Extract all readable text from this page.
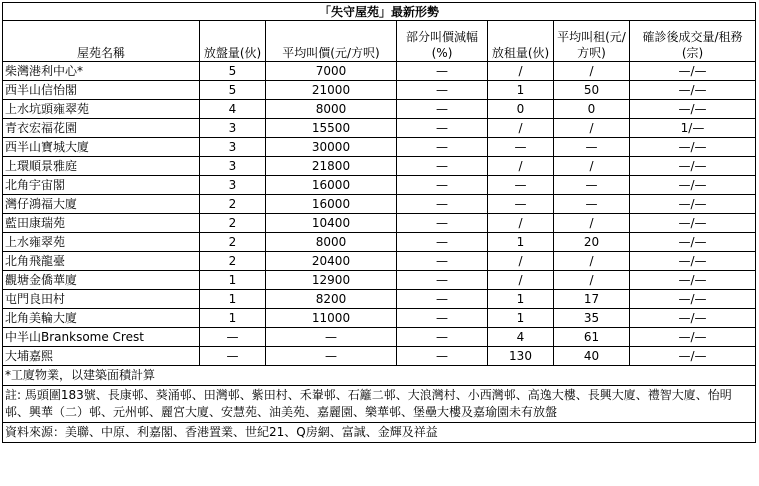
「失守屋苑」最新形勢						
屋苑名稱	放盤量(伙)	平均叫價(元/方呎)	部分叫價減幅(%)	放租量(伙)	平均叫租(元/方呎)	確診後成交量/租務(宗)
柴灣港利中心*	5	7000	—	/	/	—/—
西半山信怡閣	5	21000	—	1	50	—/—
上水坑頭雍翠苑	4	8000	—	0	0	—/—
青衣宏福花園	3	15500	—	/	/	1/—
西半山寶城大廈	3	30000	—	—	—	—/—
上環順景雅庭	3	21800	—	/	/	—/—
北角宇宙閣	3	16000	—	—	—	—/—
灣仔鴻福大廈	2	16000	—	—	—	—/—
藍田康瑞苑	2	10400	—	/	/	—/—
上水雍翠苑	2	8000	—	1	20	—/—
北角飛龍臺	2	20400	—	/	/	—/—
觀塘金僑華廈	1	12900	—	/	/	—/—
屯門良田村	1	8200	—	1	17	—/—
北角美輪大廈	1	11000	—	1	35	—/—
中半山Branksome Crest	—	—	—	4	61	—/—
大埔嘉熙	—	—	—	130	40	—/—
*工廈物業，以建築面積計算						
註: 馬頭圍183號、長康邨、葵涌邨、田灣邨、紫田村、禾輋邨、石籬二邨、大浪灣村、小西灣邨、高逸大樓、長興大廈、禮智大廈、怡明邨、興華（二）邨、元州邨、麗宮大廈、安慧苑、油美苑、嘉麗園、樂華邨、堡壘大樓及嘉瑜園未有放盤						
資料來源：美聯、中原、利嘉閣、香港置業、世紀21、Q房網、富誠、金輝及祥益						
